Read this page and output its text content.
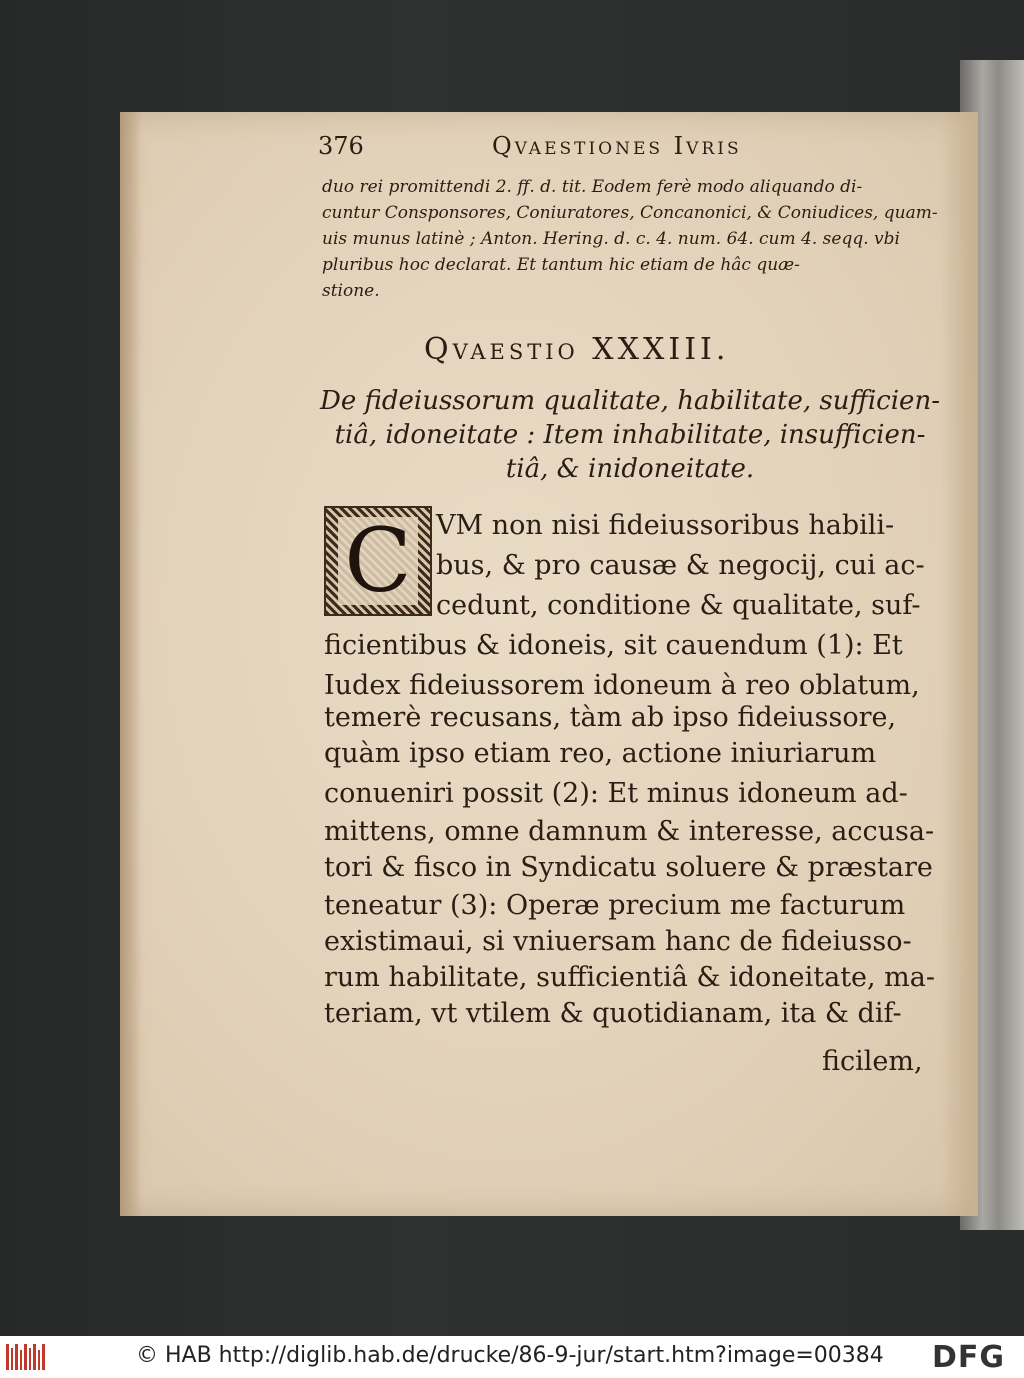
376	Qvaestiones Ivris
duo rei promittendi 2. ff. d. tit. Eodem ferè modo aliquando di-
cuntur Consponsores, Coniuratores, Concanonici, & Coniudices, quam-
uis munus latinè ; Anton. Hering. d. c. 4. num. 64. cum 4. seqq. vbi
pluribus hoc declarat. Et tantum hic etiam de hâc quæ-
stione.
Qvaestio XXXIII.
De fideiussorum qualitate, habilitate, sufficien-
tiâ, idoneitate : Item inhabilitate, insufficien-
tiâ, & inidoneitate.
C VM non nisi fideiussoribus habili-
bus, & pro causæ & negocij, cui ac-
cedunt, conditione & qualitate, suf-
ficientibus & idoneis, sit cauendum (1): Et
Iudex fideiussorem idoneum à reo oblatum,
temerè recusans, tàm ab ipso fideiussore,
quàm ipso etiam reo, actione iniuriarum
conueniri possit (2): Et minus idoneum ad-
mittens, omne damnum & interesse, accusa-
tori & fisco in Syndicatu soluere & præstare
teneatur (3): Operæ precium me facturum
existimaui, si vniuersam hanc de fideiusso-
rum habilitate, sufficientiâ & idoneitate, ma-
teriam, vt vtilem & quotidianam, ita & dif-
ficilem,
© HAB http://diglib.hab.de/drucke/86-9-jur/start.htm?image=00384 DFG
